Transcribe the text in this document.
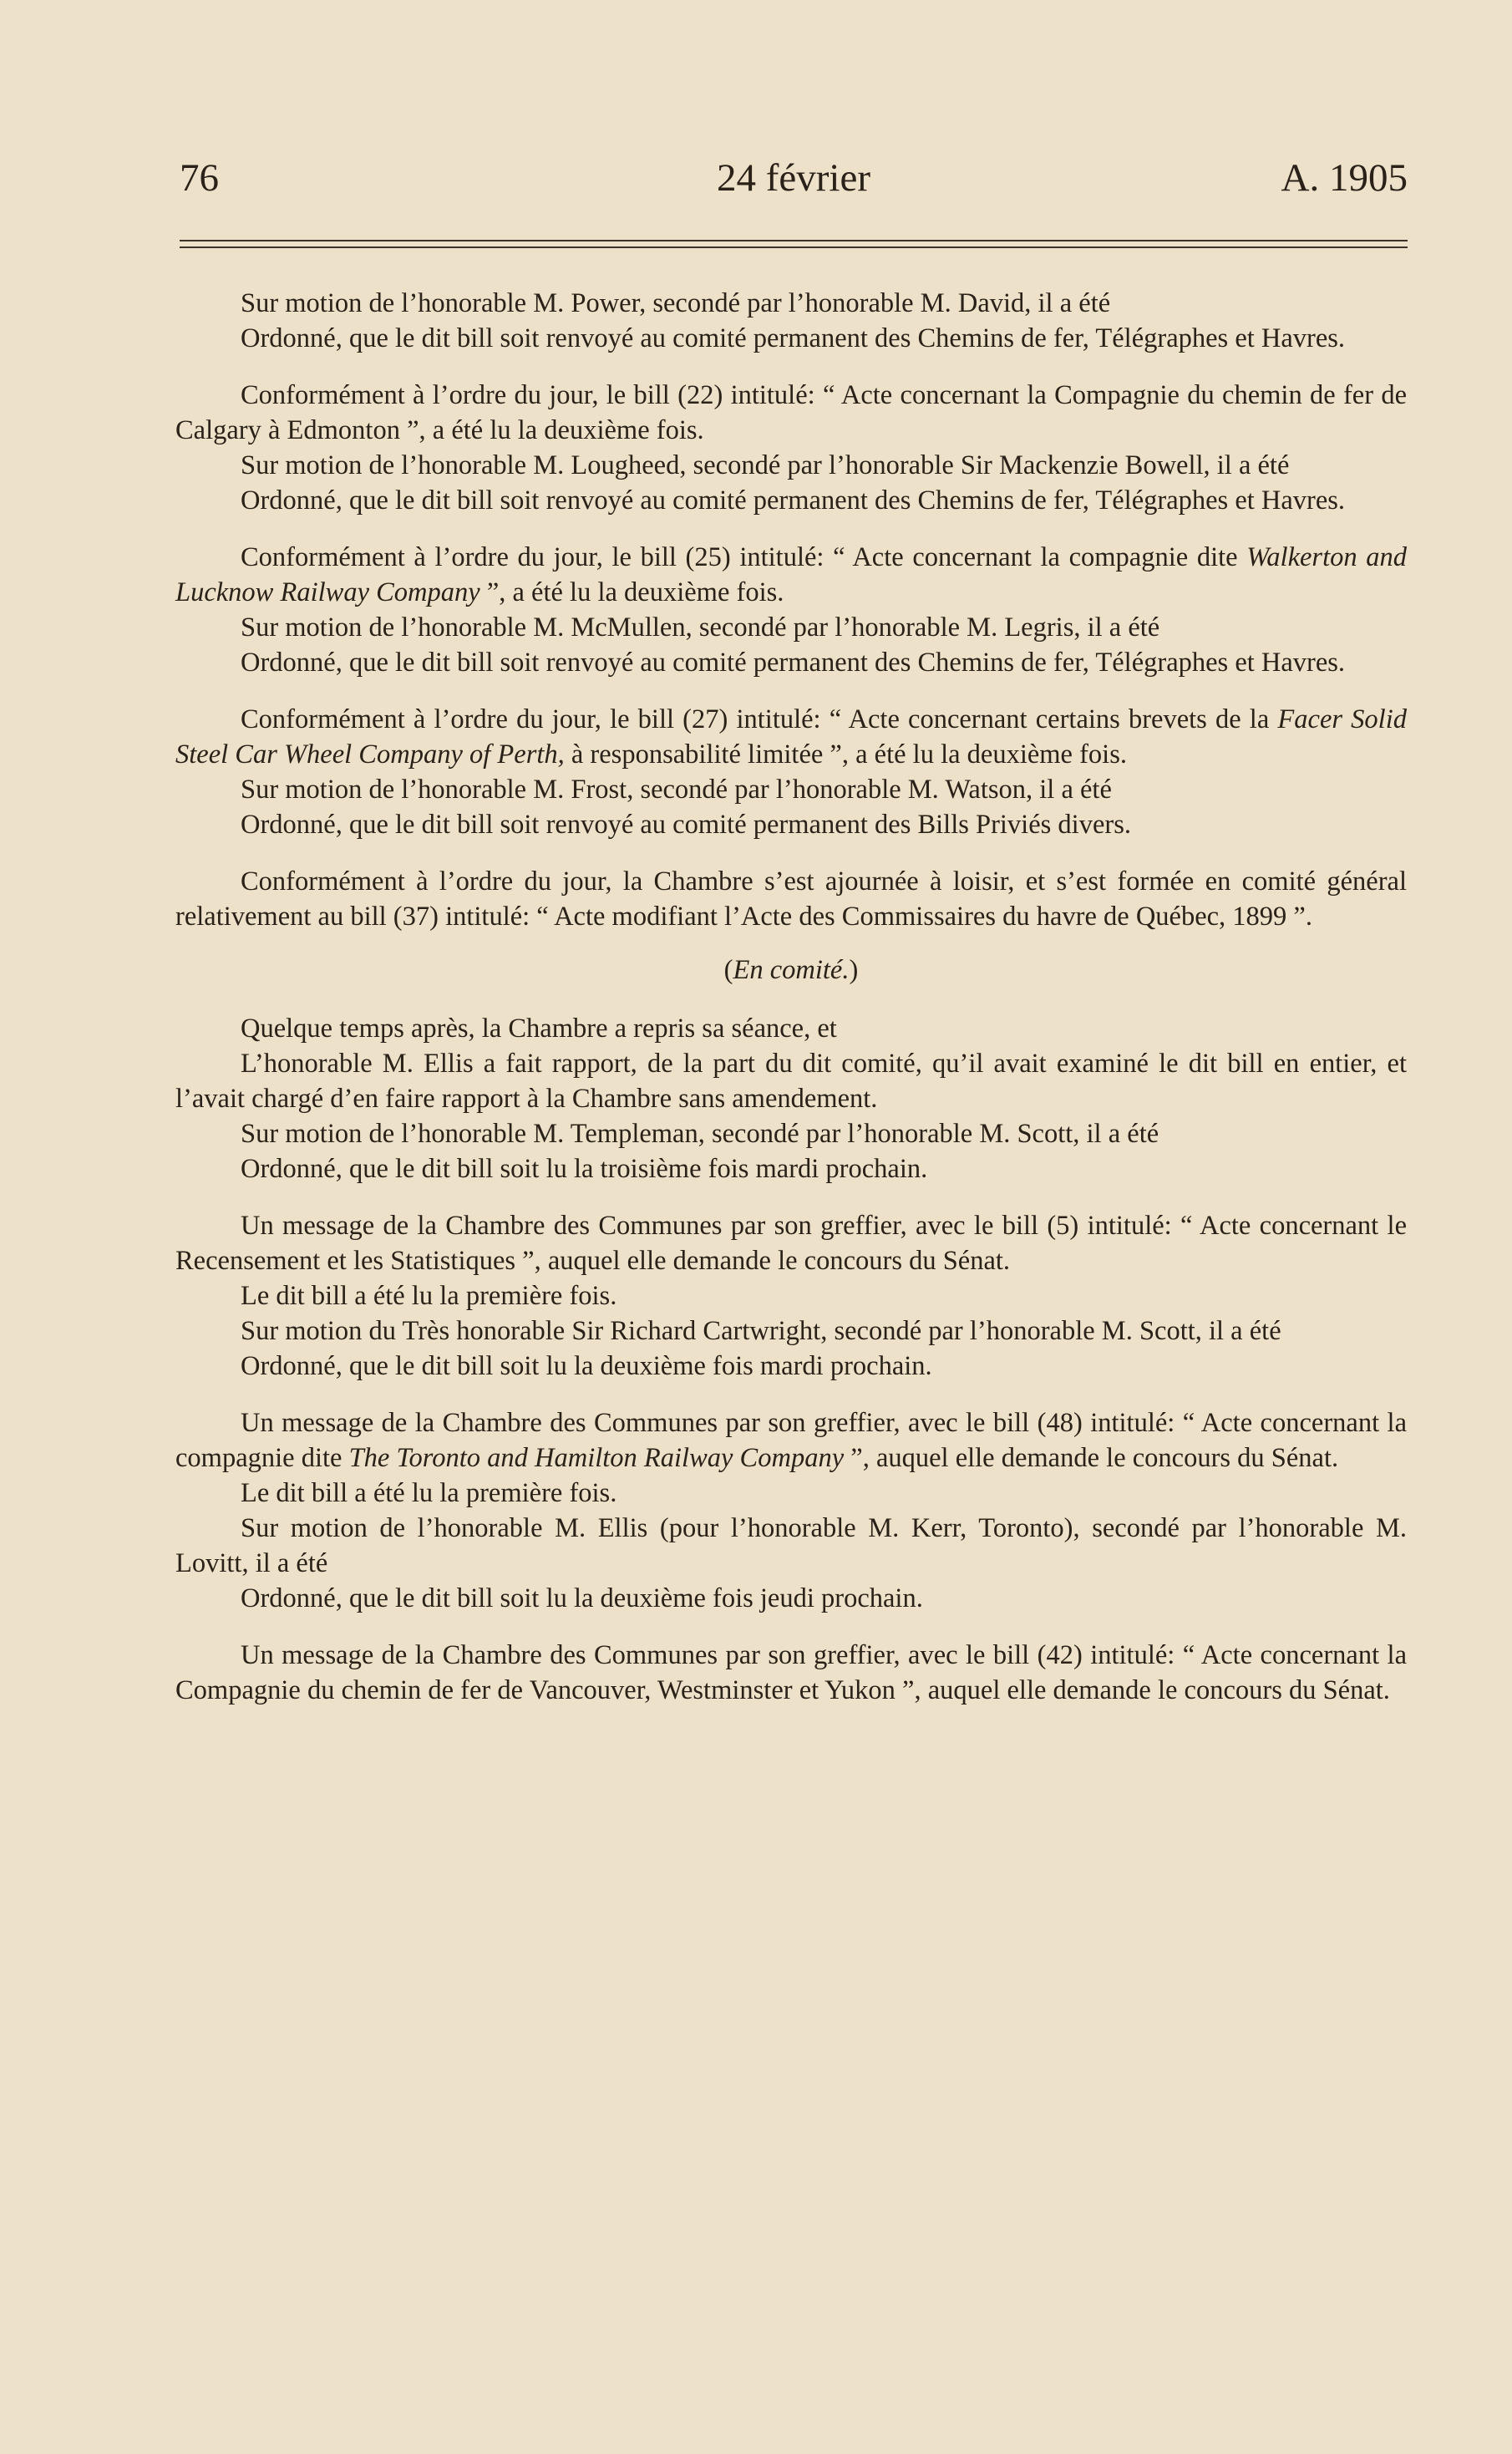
76	24 février	A. 1905

Sur motion de l’honorable M. Power, secondé par l’honorable M. David, il a été

Ordonné, que le dit bill soit renvoyé au comité permanent des Chemins de fer, Télégraphes et Havres.

Conformément à l’ordre du jour, le bill (22) intitulé: “ Acte concernant la Compagnie du chemin de fer de Calgary à Edmonton ”, a été lu la deuxième fois.

Sur motion de l’honorable M. Lougheed, secondé par l’honorable Sir Mackenzie Bowell, il a été

Ordonné, que le dit bill soit renvoyé au comité permanent des Chemins de fer, Télégraphes et Havres.

Conformément à l’ordre du jour, le bill (25) intitulé: “ Acte concernant la compagnie dite Walkerton and Lucknow Railway Company ”, a été lu la deuxième fois.

Sur motion de l’honorable M. McMullen, secondé par l’honorable M. Legris, il a été

Ordonné, que le dit bill soit renvoyé au comité permanent des Chemins de fer, Télégraphes et Havres.

Conformément à l’ordre du jour, le bill (27) intitulé: “ Acte concernant certains brevets de la Facer Solid Steel Car Wheel Company of Perth, à responsabilité limitée ”, a été lu la deuxième fois.

Sur motion de l’honorable M. Frost, secondé par l’honorable M. Watson, il a été

Ordonné, que le dit bill soit renvoyé au comité permanent des Bills Priviés divers.

Conformément à l’ordre du jour, la Chambre s’est ajournée à loisir, et s’est formée en comité général relativement au bill (37) intitulé: “ Acte modifiant l’Acte des Commissaires du havre de Québec, 1899 ”.

(En comité.)

Quelque temps après, la Chambre a repris sa séance, et

L’honorable M. Ellis a fait rapport, de la part du dit comité, qu’il avait examiné le dit bill en entier, et l’avait chargé d’en faire rapport à la Chambre sans amendement.

Sur motion de l’honorable M. Templeman, secondé par l’honorable M. Scott, il a été

Ordonné, que le dit bill soit lu la troisième fois mardi prochain.

Un message de la Chambre des Communes par son greffier, avec le bill (5) intitulé: “ Acte concernant le Recensement et les Statistiques ”, auquel elle demande le concours du Sénat.

Le dit bill a été lu la première fois.

Sur motion du Très honorable Sir Richard Cartwright, secondé par l’honorable M. Scott, il a été

Ordonné, que le dit bill soit lu la deuxième fois mardi prochain.

Un message de la Chambre des Communes par son greffier, avec le bill (48) intitulé: “ Acte concernant la compagnie dite The Toronto and Hamilton Railway Company ”, auquel elle demande le concours du Sénat.

Le dit bill a été lu la première fois.

Sur motion de l’honorable M. Ellis (pour l’honorable M. Kerr, Toronto), secondé par l’honorable M. Lovitt, il a été

Ordonné, que le dit bill soit lu la deuxième fois jeudi prochain.

Un message de la Chambre des Communes par son greffier, avec le bill (42) intitulé: “ Acte concernant la Compagnie du chemin de fer de Vancouver, Westminster et Yukon ”, auquel elle demande le concours du Sénat.
